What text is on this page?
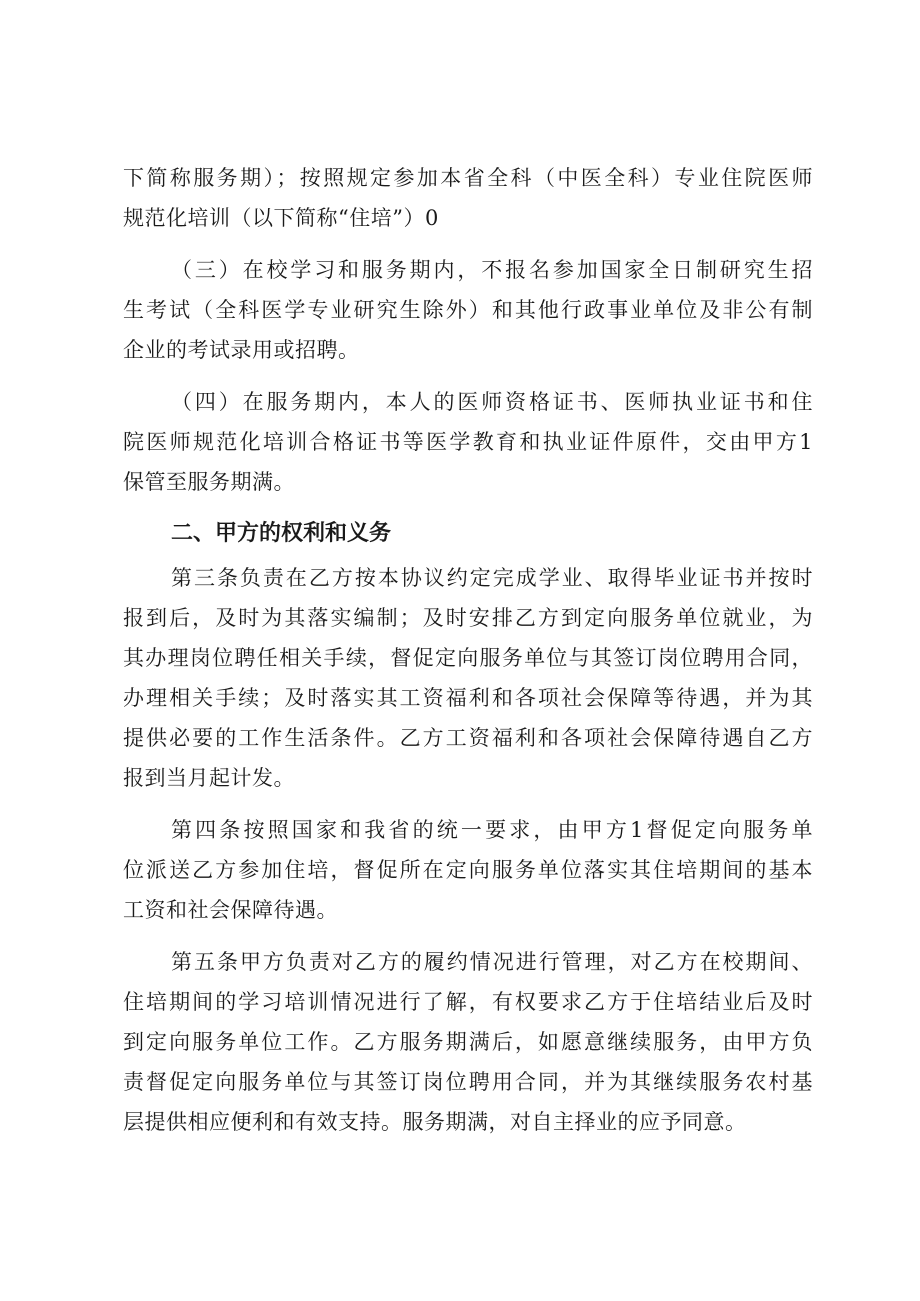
下简称服务期）；按照规定参加本省全科（中医全科）专业住院医师
规范化培训（以下简称“住培”）0
（三）在校学习和服务期内，不报名参加国家全日制研究生招
生考试（全科医学专业研究生除外）和其他行政事业单位及非公有制
企业的考试录用或招聘。
（四）在服务期内，本人的医师资格证书、医师执业证书和住
院医师规范化培训合格证书等医学教育和执业证件原件，交由甲方1
保管至服务期满。
二、甲方的权利和义务
第三条负责在乙方按本协议约定完成学业、取得毕业证书并按时
报到后，及时为其落实编制；及时安排乙方到定向服务单位就业，为
其办理岗位聘任相关手续，督促定向服务单位与其签订岗位聘用合同，
办理相关手续；及时落实其工资福利和各项社会保障等待遇，并为其
提供必要的工作生活条件。乙方工资福利和各项社会保障待遇自乙方
报到当月起计发。
第四条按照国家和我省的统一要求，由甲方1督促定向服务单
位派送乙方参加住培，督促所在定向服务单位落实其住培期间的基本
工资和社会保障待遇。
第五条甲方负责对乙方的履约情况进行管理，对乙方在校期间、
住培期间的学习培训情况进行了解，有权要求乙方于住培结业后及时
到定向服务单位工作。乙方服务期满后，如愿意继续服务，由甲方负
责督促定向服务单位与其签订岗位聘用合同，并为其继续服务农村基
层提供相应便利和有效支持。服务期满，对自主择业的应予同意。
